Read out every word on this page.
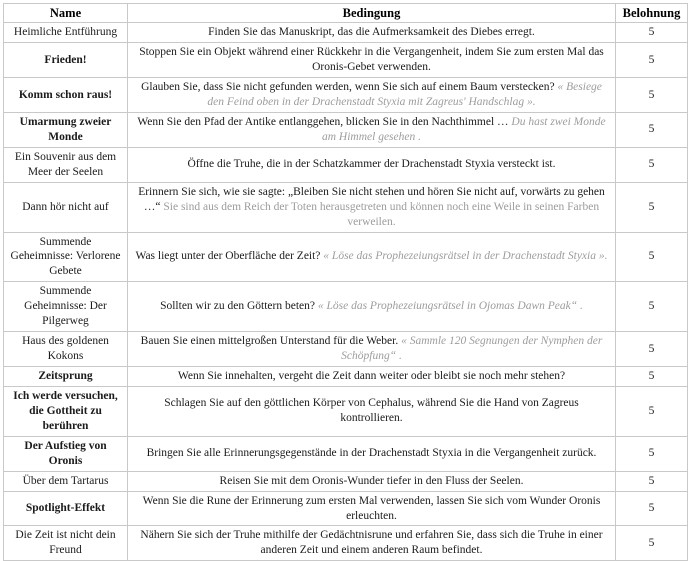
Name	Bedingung	Belohnung
Heimliche Entführung	Finden Sie das Manuskript, das die Aufmerksamkeit des Diebes erregt.	5
Frieden!	Stoppen Sie ein Objekt während einer Rückkehr in die Vergangenheit, indem Sie zum ersten Mal das Oronis-Gebet verwenden.	5
Komm schon raus!	Glauben Sie, dass Sie nicht gefunden werden, wenn Sie sich auf einem Baum verstecken? « Besiege den Feind oben in der Drachenstadt Styxia mit Zagreus' Handschlag ».	5
Umarmung zweier Monde	Wenn Sie den Pfad der Antike entlanggehen, blicken Sie in den Nachthimmel … Du hast zwei Monde am Himmel gesehen .	5
Ein Souvenir aus dem Meer der Seelen	Öffne die Truhe, die in der Schatzkammer der Drachenstadt Styxia versteckt ist.	5
Dann hör nicht auf	Erinnern Sie sich, wie sie sagte: „Bleiben Sie nicht stehen und hören Sie nicht auf, vorwärts zu gehen …“ Sie sind aus dem Reich der Toten herausgetreten und können noch eine Weile in seinen Farben verweilen.	5
Summende Geheimnisse: Verlorene Gebete	Was liegt unter der Oberfläche der Zeit? « Löse das Prophezeiungsrätsel in der Drachenstadt Styxia ».	5
Summende Geheimnisse: Der Pilgerweg	Sollten wir zu den Göttern beten? « Löse das Prophezeiungsrätsel in Ojomas Dawn Peak“ .	5
Haus des goldenen Kokons	Bauen Sie einen mittelgroßen Unterstand für die Weber. « Sammle 120 Segnungen der Nymphen der Schöpfung“ .	5
Zeitsprung	Wenn Sie innehalten, vergeht die Zeit dann weiter oder bleibt sie noch mehr stehen?	5
Ich werde versuchen, die Gottheit zu berühren	Schlagen Sie auf den göttlichen Körper von Cephalus, während Sie die Hand von Zagreus kontrollieren.	5
Der Aufstieg von Oronis	Bringen Sie alle Erinnerungsgegenstände in der Drachenstadt Styxia in die Vergangenheit zurück.	5
Über dem Tartarus	Reisen Sie mit dem Oronis-Wunder tiefer in den Fluss der Seelen.	5
Spotlight-Effekt	Wenn Sie die Rune der Erinnerung zum ersten Mal verwenden, lassen Sie sich vom Wunder Oronis erleuchten.	5
Die Zeit ist nicht dein Freund	Nähern Sie sich der Truhe mithilfe der Gedächtnisrune und erfahren Sie, dass sich die Truhe in einer anderen Zeit und einem anderen Raum befindet.	5
